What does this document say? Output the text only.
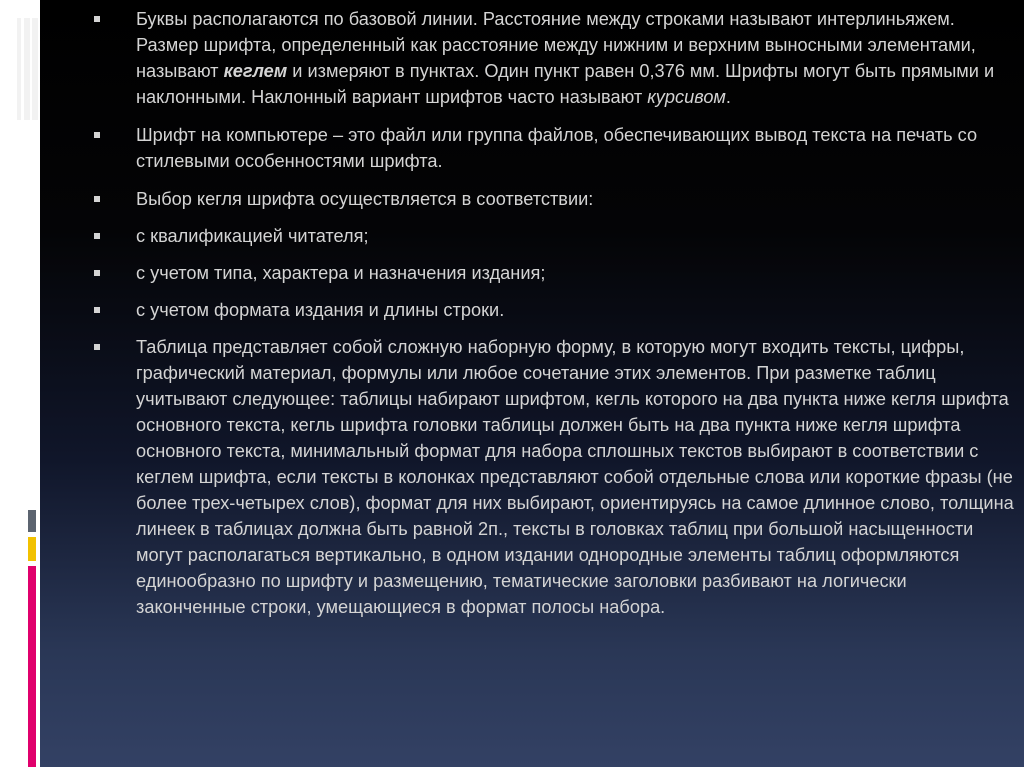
Буквы располагаются по базовой линии. Расстояние между строками называют интерлиньяжем. Размер шрифта, определенный как расстояние между нижним и верхним выносными элементами, называют кеглем и измеряют в пунктах. Один пункт равен 0,376 мм. Шрифты могут быть прямыми и наклонными. Наклонный вариант шрифтов часто называют курсивом.
Шрифт на компьютере – это файл или группа файлов, обеспечивающих вывод текста на печать со стилевыми особенностями шрифта.
Выбор кегля шрифта осуществляется в соответствии:
с квалификацией читателя;
с учетом типа, характера и назначения издания;
с учетом формата издания и длины строки.
Таблица представляет собой сложную наборную форму, в которую могут входить тексты, цифры, графический материал, формулы или любое сочетание этих элементов. При разметке таблиц учитывают следующее: таблицы набирают шрифтом, кегль которого на два пункта ниже кегля шрифта основного текста, кегль шрифта головки таблицы должен быть на два пункта ниже кегля шрифта основного текста, минимальный формат для набора сплошных текстов выбирают в соответствии с кеглем шрифта, если тексты в колонках представляют собой отдельные слова или короткие фразы (не более трех-четырех слов), формат для них выбирают, ориентируясь на самое длинное слово, толщина линеек в таблицах должна быть равной 2п., тексты в головках таблиц при большой насыщенности могут располагаться вертикально, в одном издании однородные элементы таблиц оформляются единообразно по шрифту и размещению, тематические заголовки разбивают на логически законченные строки, умещающиеся в формат полосы набора.
